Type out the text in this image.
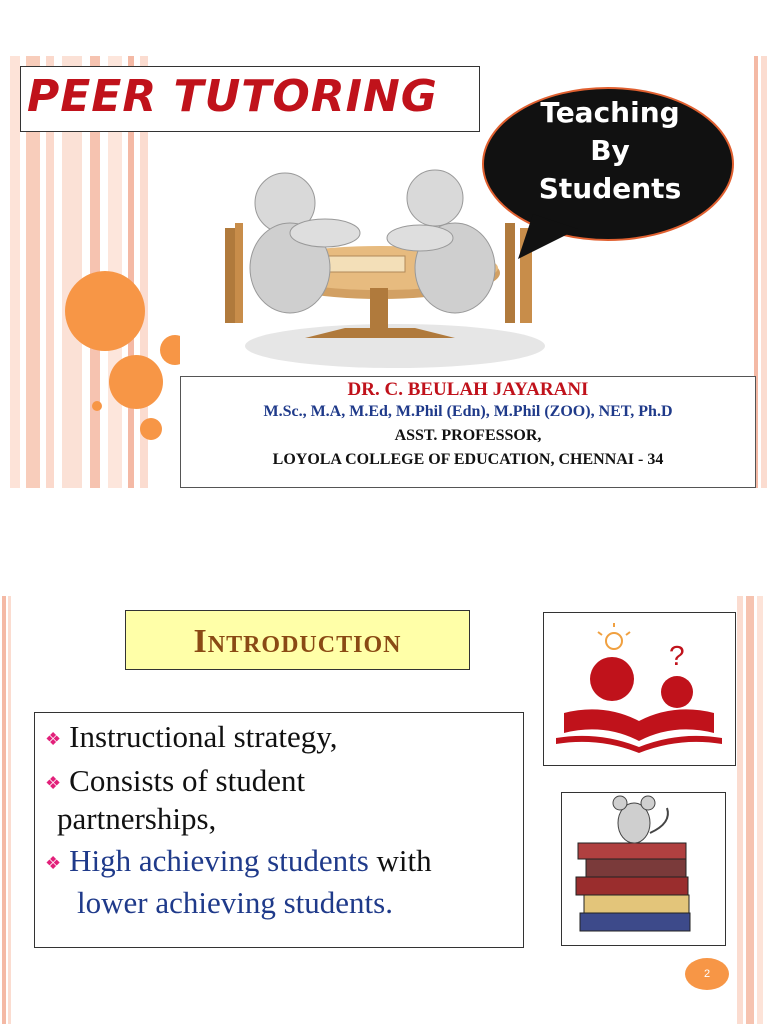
PEER TUTORING	Teaching
By
Students
DR. C. BEULAH JAYARANI
M.Sc., M.A, M.Ed, M.Phil (Edn), M.Phil (ZOO), NET, Ph.D
ASST. PROFESSOR,
LOYOLA COLLEGE OF EDUCATION, CHENNAI - 34
Introduction
❖ Instructional strategy,
❖ Consists of student
partnerships,
❖ High achieving students with
lower achieving students.
?
2
